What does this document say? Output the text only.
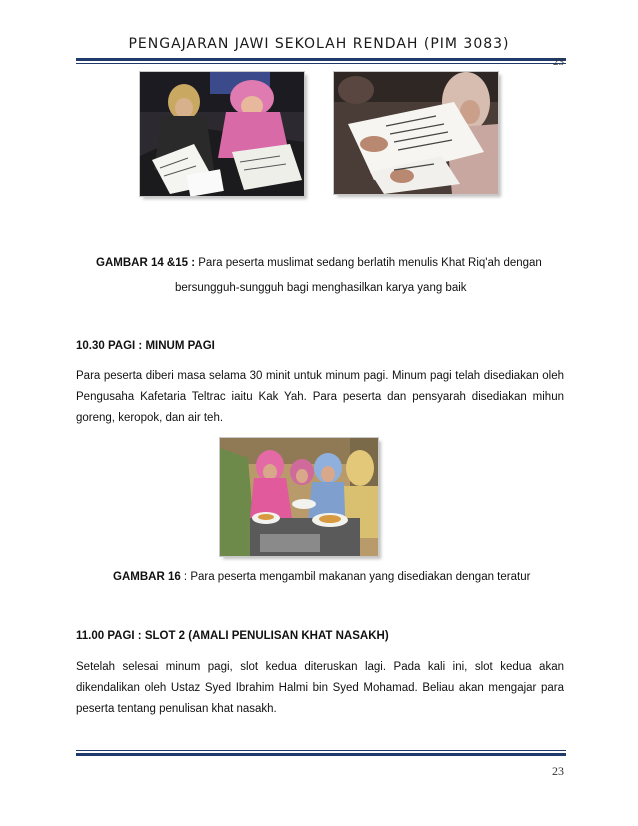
PENGAJARAN JAWI SEKOLAH RENDAH (PIM 3083)
23
GAMBAR 14 &15 : Para peserta muslimat sedang berlatih menulis Khat Riq'ah dengan
bersungguh-sungguh bagi menghasilkan karya yang baik
10.30 PAGI : MINUM PAGI
Para peserta diberi masa selama 30 minit untuk minum pagi. Minum pagi telah disediakan oleh Pengusaha Kafetaria Teltrac iaitu Kak Yah. Para peserta dan pensyarah disediakan mihun goreng, keropok, dan air teh.
GAMBAR 16 : Para peserta mengambil makanan yang disediakan dengan teratur
11.00 PAGI : SLOT 2 (AMALI PENULISAN KHAT NASAKH)
Setelah selesai minum pagi, slot kedua diteruskan lagi. Pada kali ini, slot kedua akan dikendalikan oleh Ustaz Syed Ibrahim Halmi bin Syed Mohamad. Beliau akan mengajar para peserta tentang penulisan khat nasakh.
23
